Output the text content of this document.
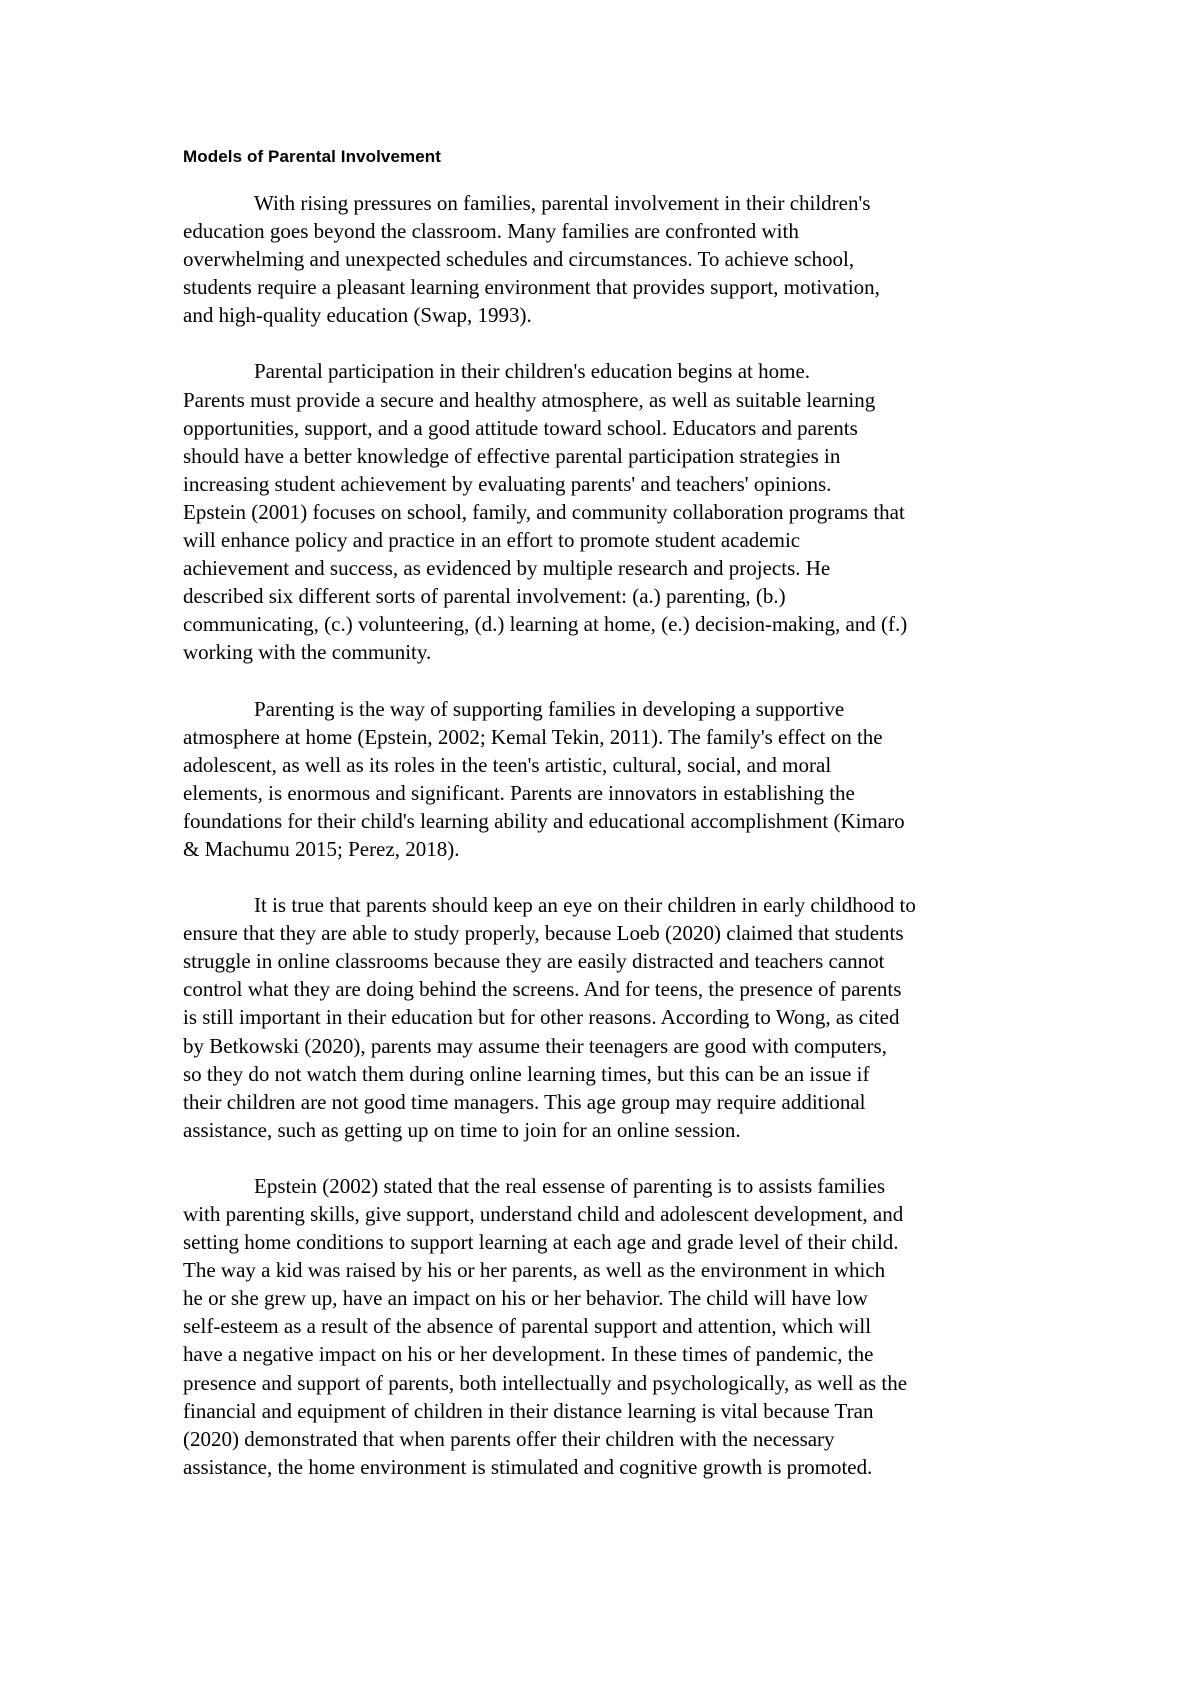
Models of Parental Involvement

With rising pressures on families, parental involvement in their children's
education goes beyond the classroom. Many families are confronted with
overwhelming and unexpected schedules and circumstances. To achieve school,
students require a pleasant learning environment that provides support, motivation,
and high-quality education (Swap, 1993).

Parental participation in their children's education begins at home.
Parents must provide a secure and healthy atmosphere, as well as suitable learning
opportunities, support, and a good attitude toward school. Educators and parents
should have a better knowledge of effective parental participation strategies in
increasing student achievement by evaluating parents' and teachers' opinions.
Epstein (2001) focuses on school, family, and community collaboration programs that
will enhance policy and practice in an effort to promote student academic
achievement and success, as evidenced by multiple research and projects. He
described six different sorts of parental involvement: (a.) parenting, (b.)
communicating, (c.) volunteering, (d.) learning at home, (e.) decision-making, and (f.)
working with the community.

Parenting is the way of supporting families in developing a supportive
atmosphere at home (Epstein, 2002; Kemal Tekin, 2011). The family's effect on the
adolescent, as well as its roles in the teen's artistic, cultural, social, and moral
elements, is enormous and significant. Parents are innovators in establishing the
foundations for their child's learning ability and educational accomplishment (Kimaro
& Machumu 2015; Perez, 2018).

It is true that parents should keep an eye on their children in early childhood to
ensure that they are able to study properly, because Loeb (2020) claimed that students
struggle in online classrooms because they are easily distracted and teachers cannot
control what they are doing behind the screens. And for teens, the presence of parents
is still important in their education but for other reasons. According to Wong, as cited
by Betkowski (2020), parents may assume their teenagers are good with computers,
so they do not watch them during online learning times, but this can be an issue if
their children are not good time managers. This age group may require additional
assistance, such as getting up on time to join for an online session.

Epstein (2002) stated that the real essense of parenting is to assists families
with parenting skills, give support, understand child and adolescent development, and
setting home conditions to support learning at each age and grade level of their child.
The way a kid was raised by his or her parents, as well as the environment in which
he or she grew up, have an impact on his or her behavior. The child will have low
self-esteem as a result of the absence of parental support and attention, which will
have a negative impact on his or her development. In these times of pandemic, the
presence and support of parents, both intellectually and psychologically, as well as the
financial and equipment of children in their distance learning is vital because Tran
(2020) demonstrated that when parents offer their children with the necessary
assistance, the home environment is stimulated and cognitive growth is promoted.
